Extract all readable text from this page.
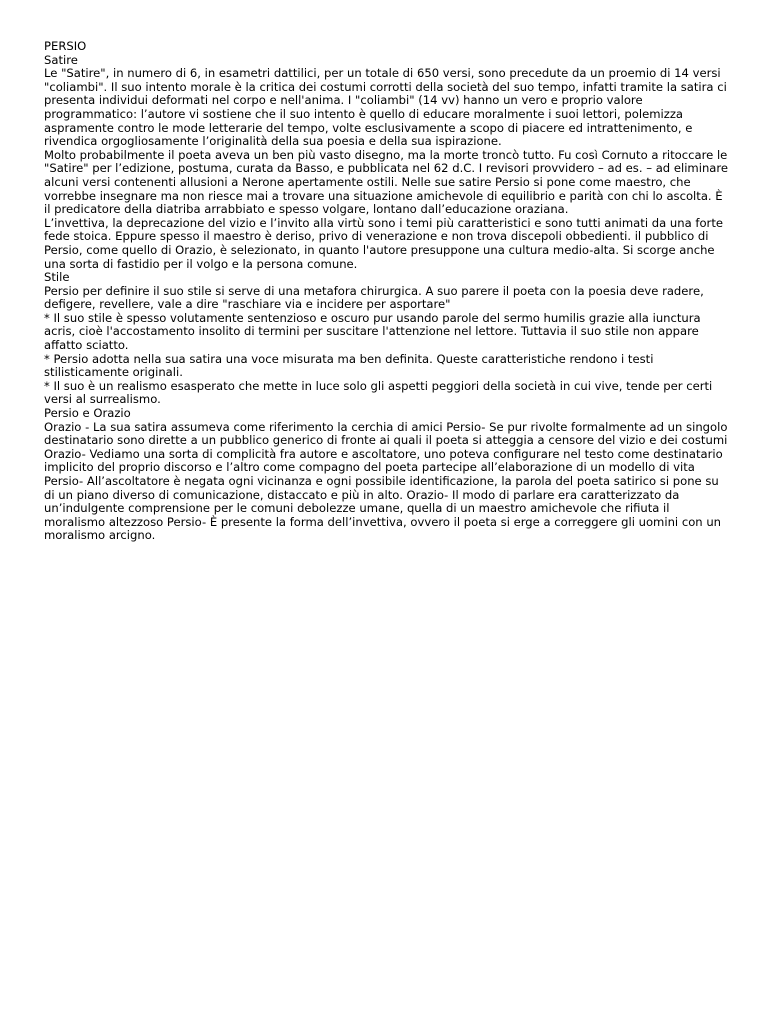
PERSIO

Satire

Le "Satire", in numero di 6, in esametri dattilici, per un totale di 650 versi, sono precedute da un proemio di 14 versi "coliambi". Il suo intento morale è la critica dei costumi corrotti della società del suo tempo, infatti tramite la satira ci presenta individui deformati nel corpo e nell'anima. I "coliambi" (14 vv) hanno un vero e proprio valore programmatico: l’autore vi sostiene che il suo intento è quello di educare moralmente i suoi lettori, polemizza aspramente contro le mode letterarie del tempo, volte esclusivamente a scopo di piacere ed intrattenimento, e rivendica orgogliosamente l’originalità della sua poesia e della sua ispirazione.

Molto probabilmente il poeta aveva un ben più vasto disegno, ma la morte troncò tutto. Fu così Cornuto a ritoccare le "Satire" per l’edizione, postuma, curata da Basso, e pubblicata nel 62 d.C. I revisori provvidero – ad es. – ad eliminare alcuni versi contenenti allusioni a Nerone apertamente ostili. Nelle sue satire Persio si pone come maestro, che vorrebbe insegnare ma non riesce mai a trovare una situazione amichevole di equilibrio e parità con chi lo ascolta. È il predicatore della diatriba arrabbiato e spesso volgare, lontano dall’educazione oraziana.

L’invettiva, la deprecazione del vizio e l’invito alla virtù sono i temi più caratteristici e sono tutti animati da una forte fede stoica. Eppure spesso il maestro è deriso, privo di venerazione e non trova discepoli obbedienti. il pubblico di Persio, come quello di Orazio, è selezionato, in quanto l'autore presuppone una cultura medio-alta. Si scorge anche una sorta di fastidio per il volgo e la persona comune.

Stile

Persio per definire il suo stile si serve di una metafora chirurgica. A suo parere il poeta con la poesia deve radere, defigere, revellere, vale a dire "raschiare via e incidere per asportare"

* Il suo stile è spesso volutamente sentenzioso e oscuro pur usando parole del sermo humilis grazie alla iunctura acris, cioè l'accostamento insolito di termini per suscitare l'attenzione nel lettore. Tuttavia il suo stile non appare affatto sciatto.

* Persio adotta nella sua satira una voce misurata ma ben definita. Queste caratteristiche rendono i testi stilisticamente originali.

* Il suo è un realismo esasperato che mette in luce solo gli aspetti peggiori della società in cui vive, tende per certi versi al surrealismo.

Persio e Orazio

Orazio - La sua satira assumeva come riferimento la cerchia di amici Persio- Se pur rivolte formalmente ad un singolo destinatario sono dirette a un pubblico generico di fronte ai quali il poeta si atteggia a censore del vizio e dei costumi Orazio- Vediamo una sorta di complicità fra autore e ascoltatore, uno poteva configurare nel testo come destinatario implicito del proprio discorso e l’altro come compagno del poeta partecipe all’elaborazione di un modello di vita Persio- All’ascoltatore è negata ogni vicinanza e ogni possibile identificazione, la parola del poeta satirico si pone su di un piano diverso di comunicazione, distaccato e più in alto. Orazio- Il modo di parlare era caratterizzato da un’indulgente comprensione per le comuni debolezze umane, quella di un maestro amichevole che rifiuta il moralismo altezzoso Persio- È presente la forma dell’invettiva, ovvero il poeta si erge a correggere gli uomini con un moralismo arcigno.
